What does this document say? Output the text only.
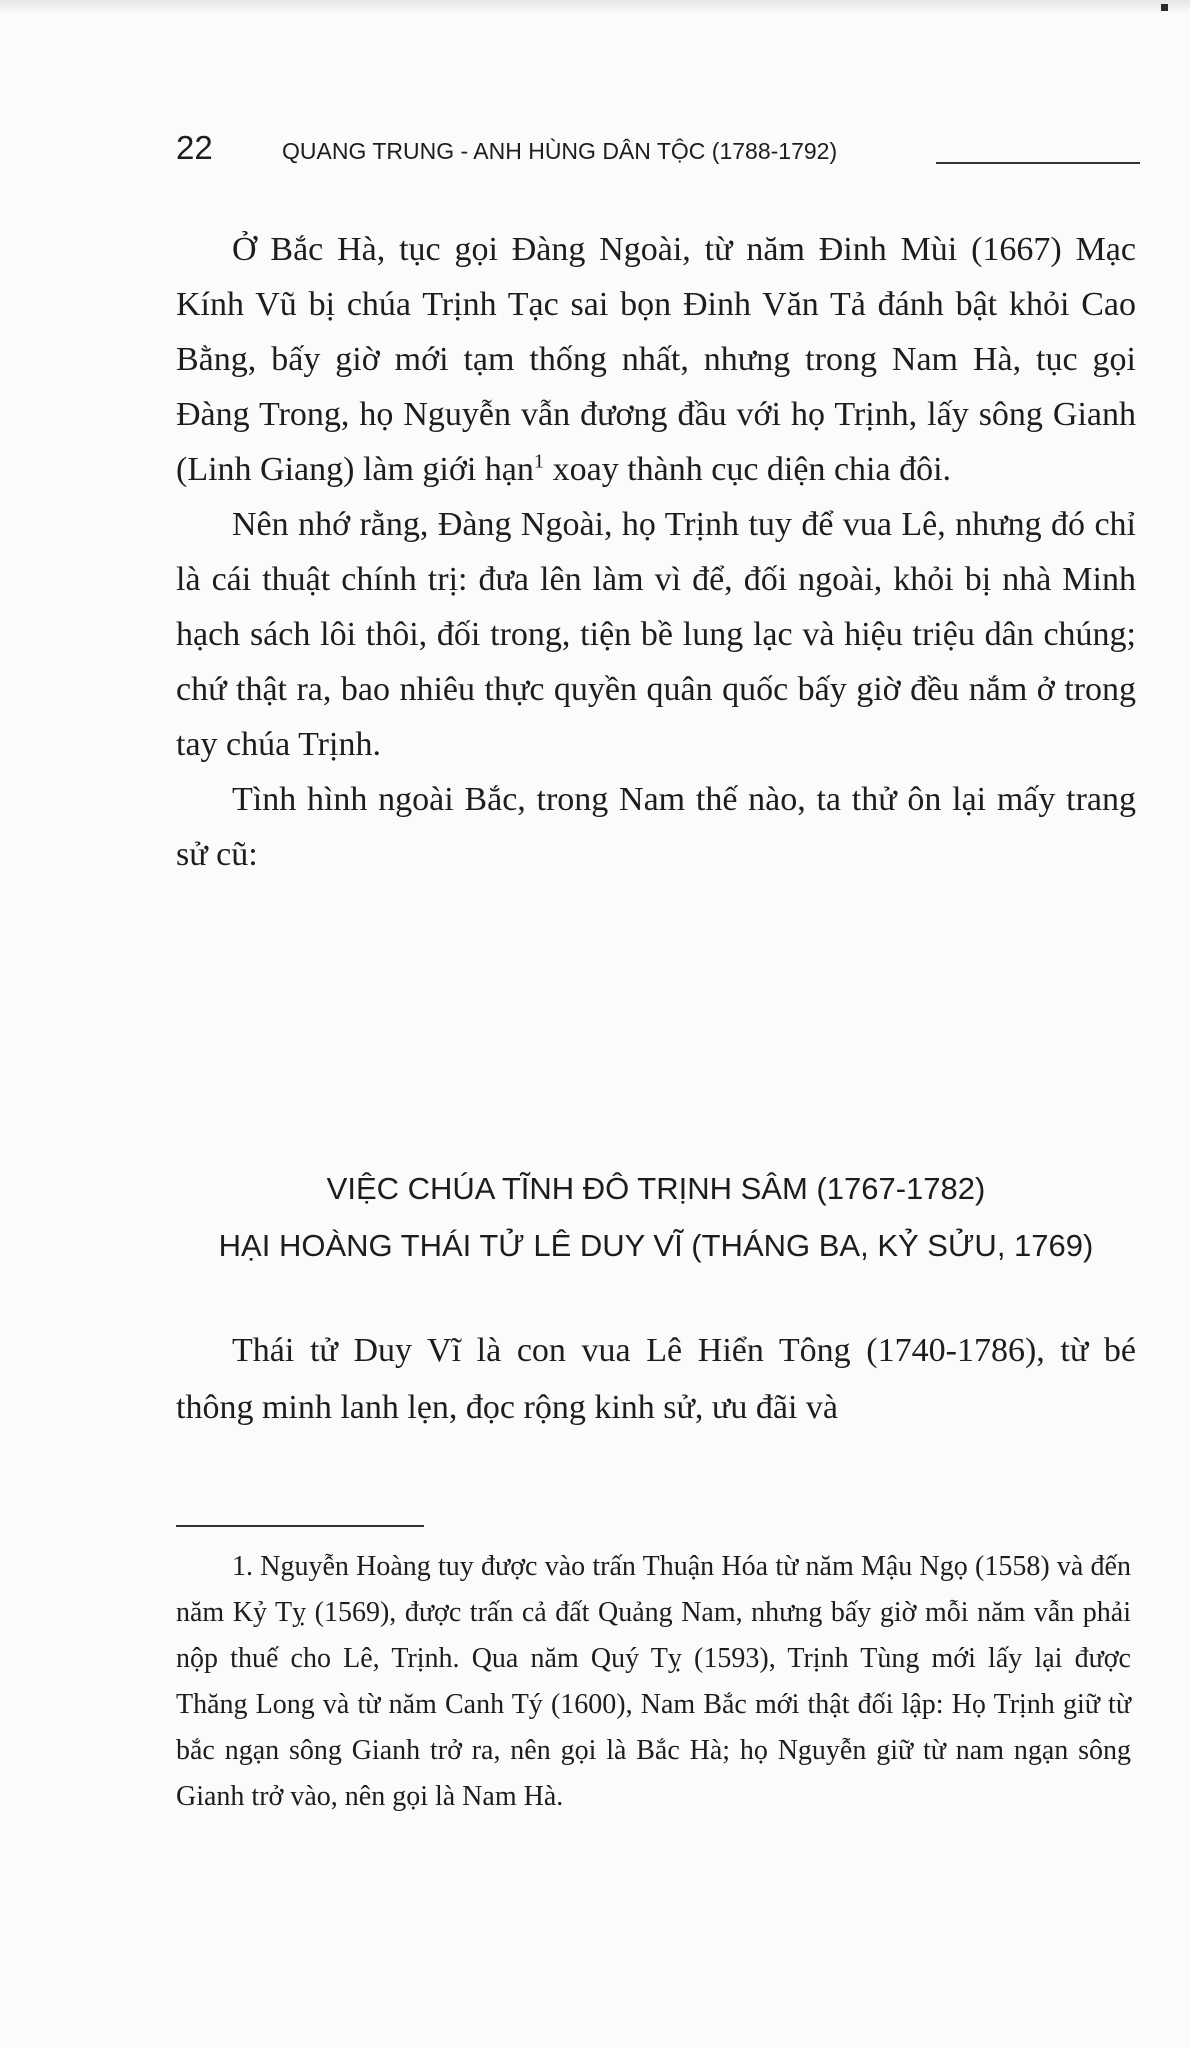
22	QUANG TRUNG - ANH HÙNG DÂN TỘC (1788-1792)

Ở Bắc Hà, tục gọi Đàng Ngoài, từ năm Đinh Mùi (1667) Mạc Kính Vũ bị chúa Trịnh Tạc sai bọn Đinh Văn Tả đánh bật khỏi Cao Bằng, bấy giờ mới tạm thống nhất, nhưng trong Nam Hà, tục gọi Đàng Trong, họ Nguyễn vẫn đương đầu với họ Trịnh, lấy sông Gianh (Linh Giang) làm giới hạn$^1$ xoay thành cục diện chia đôi.

Nên nhớ rằng, Đàng Ngoài, họ Trịnh tuy để vua Lê, nhưng đó chỉ là cái thuật chính trị: đưa lên làm vì để, đối ngoài, khỏi bị nhà Minh hạch sách lôi thôi, đối trong, tiện bề lung lạc và hiệu triệu dân chúng; chứ thật ra, bao nhiêu thực quyền quân quốc bấy giờ đều nắm ở trong tay chúa Trịnh.

Tình hình ngoài Bắc, trong Nam thế nào, ta thử ôn lại mấy trang sử cũ:

VIỆC CHÚA TĨNH ĐÔ TRỊNH SÂM (1767-1782)
HẠI HOÀNG THÁI TỬ LÊ DUY VĨ (THÁNG BA, KỶ SỬU, 1769)

Thái tử Duy Vĩ là con vua Lê Hiển Tông (1740-1786), từ bé thông minh lanh lẹn, đọc rộng kinh sử, ưu đãi và

1. Nguyễn Hoàng tuy được vào trấn Thuận Hóa từ năm Mậu Ngọ (1558) và đến năm Kỷ Tỵ (1569), được trấn cả đất Quảng Nam, nhưng bấy giờ mỗi năm vẫn phải nộp thuế cho Lê, Trịnh. Qua năm Quý Tỵ (1593), Trịnh Tùng mới lấy lại được Thăng Long và từ năm Canh Tý (1600), Nam Bắc mới thật đối lập: Họ Trịnh giữ từ bắc ngạn sông Gianh trở ra, nên gọi là Bắc Hà; họ Nguyễn giữ từ nam ngạn sông Gianh trở vào, nên gọi là Nam Hà.
